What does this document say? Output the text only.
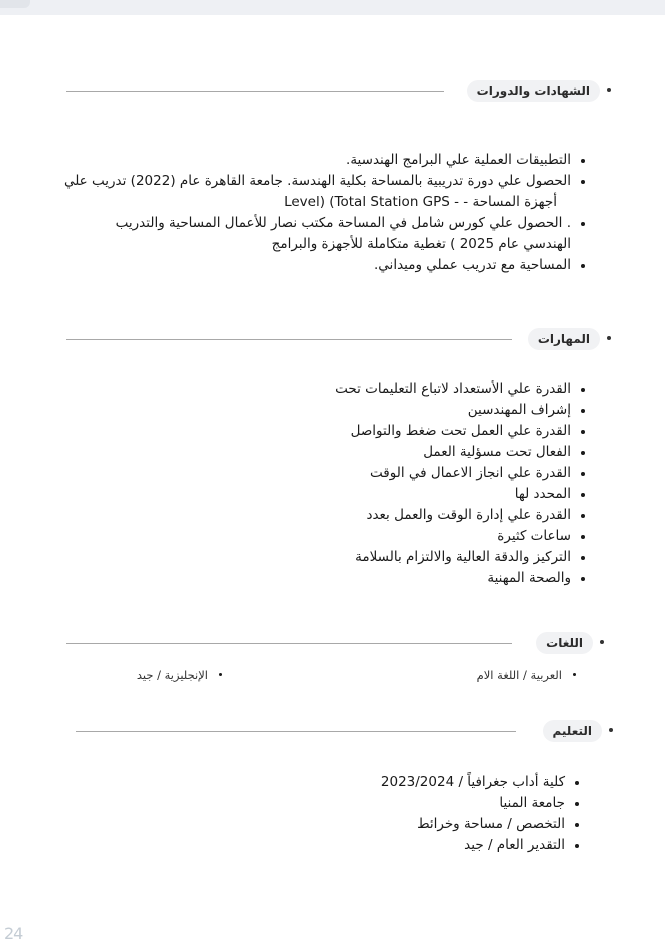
الشهادات والدورات
التطبيقات العملية علي البرامج الهندسية.
الحصول علي دورة تدريبية بالمساحة بكلية الهندسة. جامعة القاهرة عام (2022) تدريب علي
أجهزة المساحة - - Level) (Total Station GPS
. الحصول علي كورس شامل في المساحة مكتب نصار للأعمال المساحية والتدريب
الهندسي عام 2025 ) تغطية متكاملة للأجهزة والبرامج
المساحية مع تدريب عملي وميداني.
المهارات
القدرة علي الأستعداد لاتباع التعليمات تحت
إشراف المهندسين
القدرة علي العمل تحت ضغط والتواصل
الفعال تحت مسؤلية العمل
القدرة علي انجاز الاعمال في الوقت
المحدد لها
القدرة علي إدارة الوقت والعمل بعدد
ساعات كثيرة
التركيز والدقة العالية والالتزام بالسلامة
والصحة المهنية
اللغات
الإنجليزية / جيد	العربية / اللغة الام
التعليم
كلية أداب جغرافياً / 2023/2024
جامعة المنيا
التخصص / مساحة وخرائط
التقدير العام / جيد
24
